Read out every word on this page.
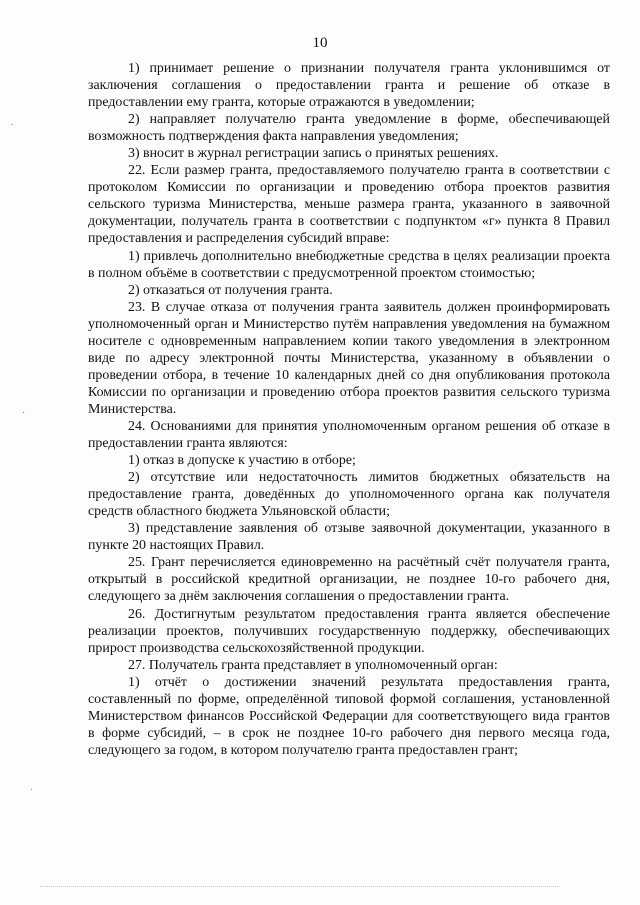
10

1) принимает решение о признании получателя гранта уклонившимся от заключения соглашения о предоставлении гранта и решение об отказе в предоставлении ему гранта, которые отражаются в уведомлении;

2) направляет получателю гранта уведомление в форме, обеспечивающей возможность подтверждения факта направления уведомления;

3) вносит в журнал регистрации запись о принятых решениях.

22. Если размер гранта, предоставляемого получателю гранта в соответствии с протоколом Комиссии по организации и проведению отбора проектов развития сельского туризма Министерства, меньше размера гранта, указанного в заявочной документации, получатель гранта в соответствии с подпунктом «г» пункта 8 Правил предоставления и распределения субсидий вправе:

1) привлечь дополнительно внебюджетные средства в целях реализации проекта в полном объёме в соответствии с предусмотренной проектом стоимостью;

2) отказаться от получения гранта.

23. В случае отказа от получения гранта заявитель должен проинформировать уполномоченный орган и Министерство путём направления уведомления на бумажном носителе с одновременным направлением копии такого уведомления в электронном виде по адресу электронной почты Министерства, указанному в объявлении о проведении отбора, в течение 10 календарных дней со дня опубликования протокола Комиссии по организации и проведению отбора проектов развития сельского туризма Министерства.

24. Основаниями для принятия уполномоченным органом решения об отказе в предоставлении гранта являются:

1) отказ в допуске к участию в отборе;

2) отсутствие или недостаточность лимитов бюджетных обязательств на предоставление гранта, доведённых до уполномоченного органа как получателя средств областного бюджета Ульяновской области;

3) представление заявления об отзыве заявочной документации, указанного в пункте 20 настоящих Правил.

25. Грант перечисляется единовременно на расчётный счёт получателя гранта, открытый в российской кредитной организации, не позднее 10-го рабочего дня, следующего за днём заключения соглашения о предоставлении гранта.

26. Достигнутым результатом предоставления гранта является обеспечение реализации проектов, получивших государственную поддержку, обеспечивающих прирост производства сельскохозяйственной продукции.

27. Получатель гранта представляет в уполномоченный орган:

1) отчёт о достижении значений результата предоставления гранта, составленный по форме, определённой типовой формой соглашения, установленной Министерством финансов Российской Федерации для соответствующего вида грантов в форме субсидий, – в срок не позднее 10-го рабочего дня первого месяца года, следующего за годом, в котором получателю гранта предоставлен грант;

·
·
·
